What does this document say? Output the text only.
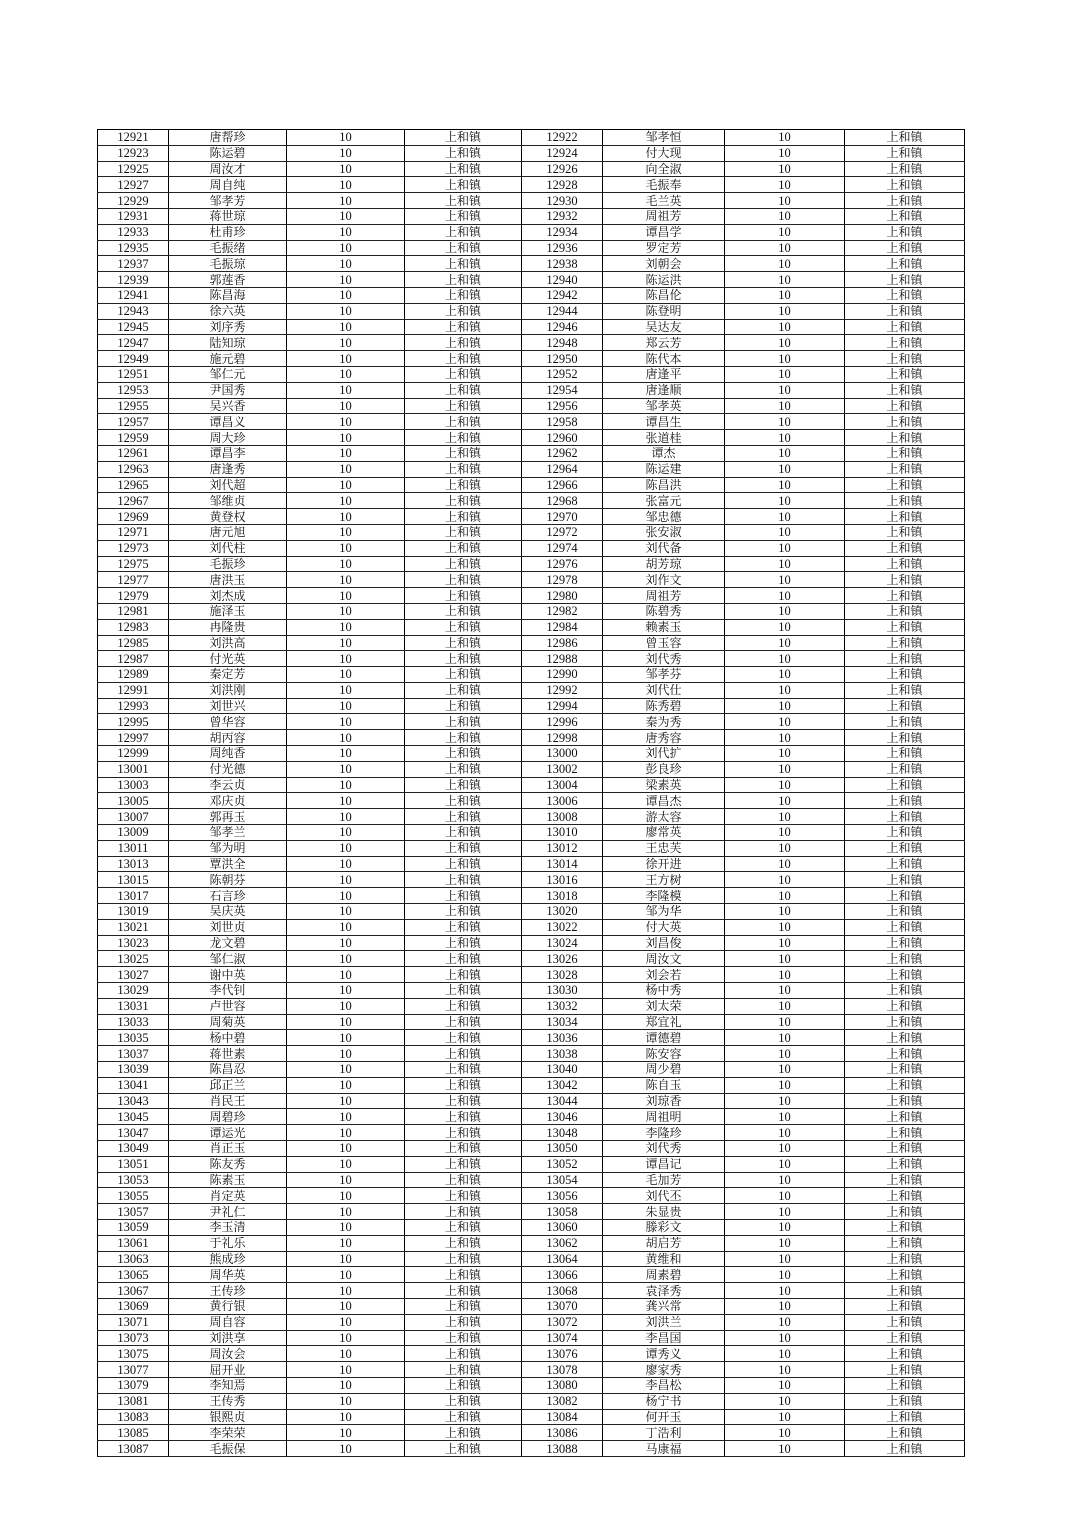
12921	唐帮珍	10	上和镇	12922	邹孝恒	10	上和镇
12923	陈运碧	10	上和镇	12924	付大现	10	上和镇
12925	周汝才	10	上和镇	12926	向全淑	10	上和镇
12927	周自纯	10	上和镇	12928	毛振奉	10	上和镇
12929	邹孝芳	10	上和镇	12930	毛兰英	10	上和镇
12931	蒋世琼	10	上和镇	12932	周祖芳	10	上和镇
12933	杜甫珍	10	上和镇	12934	谭昌学	10	上和镇
12935	毛振绪	10	上和镇	12936	罗定芳	10	上和镇
12937	毛振琼	10	上和镇	12938	刘朝会	10	上和镇
12939	郭莲香	10	上和镇	12940	陈运洪	10	上和镇
12941	陈昌海	10	上和镇	12942	陈昌伦	10	上和镇
12943	徐六英	10	上和镇	12944	陈登明	10	上和镇
12945	刘序秀	10	上和镇	12946	吴达友	10	上和镇
12947	陆知琼	10	上和镇	12948	郑云芳	10	上和镇
12949	施元碧	10	上和镇	12950	陈代本	10	上和镇
12951	邹仁元	10	上和镇	12952	唐逢平	10	上和镇
12953	尹国秀	10	上和镇	12954	唐逢顺	10	上和镇
12955	吴兴香	10	上和镇	12956	邹孝英	10	上和镇
12957	谭昌义	10	上和镇	12958	谭昌生	10	上和镇
12959	周大珍	10	上和镇	12960	张道桂	10	上和镇
12961	谭昌李	10	上和镇	12962	谭杰	10	上和镇
12963	唐逢秀	10	上和镇	12964	陈运建	10	上和镇
12965	刘代超	10	上和镇	12966	陈昌洪	10	上和镇
12967	邹维贞	10	上和镇	12968	张富元	10	上和镇
12969	黄登权	10	上和镇	12970	邹忠德	10	上和镇
12971	唐元旭	10	上和镇	12972	张安淑	10	上和镇
12973	刘代柱	10	上和镇	12974	刘代备	10	上和镇
12975	毛振珍	10	上和镇	12976	胡芳琼	10	上和镇
12977	唐洪玉	10	上和镇	12978	刘作文	10	上和镇
12979	刘杰成	10	上和镇	12980	周祖芳	10	上和镇
12981	施泽玉	10	上和镇	12982	陈碧秀	10	上和镇
12983	冉隆贵	10	上和镇	12984	赖素玉	10	上和镇
12985	刘洪高	10	上和镇	12986	曾玉容	10	上和镇
12987	付光英	10	上和镇	12988	刘代秀	10	上和镇
12989	秦定芳	10	上和镇	12990	邹孝芬	10	上和镇
12991	刘洪刚	10	上和镇	12992	刘代仕	10	上和镇
12993	刘世兴	10	上和镇	12994	陈秀碧	10	上和镇
12995	曾华容	10	上和镇	12996	秦为秀	10	上和镇
12997	胡丙容	10	上和镇	12998	唐秀容	10	上和镇
12999	周纯香	10	上和镇	13000	刘代扩	10	上和镇
13001	付光德	10	上和镇	13002	彭良珍	10	上和镇
13003	李云贞	10	上和镇	13004	梁素英	10	上和镇
13005	邓庆贞	10	上和镇	13006	谭昌杰	10	上和镇
13007	郭再玉	10	上和镇	13008	游太容	10	上和镇
13009	邹孝兰	10	上和镇	13010	廖常英	10	上和镇
13011	邹为明	10	上和镇	13012	王忠芙	10	上和镇
13013	覃洪全	10	上和镇	13014	徐开进	10	上和镇
13015	陈朝芬	10	上和镇	13016	王方树	10	上和镇
13017	石言珍	10	上和镇	13018	李隆模	10	上和镇
13019	吴庆英	10	上和镇	13020	邹为华	10	上和镇
13021	刘世贞	10	上和镇	13022	付大英	10	上和镇
13023	龙文碧	10	上和镇	13024	刘昌俊	10	上和镇
13025	邹仁淑	10	上和镇	13026	周汝文	10	上和镇
13027	谢中英	10	上和镇	13028	刘会若	10	上和镇
13029	李代钊	10	上和镇	13030	杨中秀	10	上和镇
13031	卢世容	10	上和镇	13032	刘太荣	10	上和镇
13033	周菊英	10	上和镇	13034	郑宜礼	10	上和镇
13035	杨中碧	10	上和镇	13036	谭德碧	10	上和镇
13037	蒋世素	10	上和镇	13038	陈安容	10	上和镇
13039	陈昌忍	10	上和镇	13040	周少碧	10	上和镇
13041	邱正兰	10	上和镇	13042	陈自玉	10	上和镇
13043	肖民王	10	上和镇	13044	刘琼香	10	上和镇
13045	周碧珍	10	上和镇	13046	周祖明	10	上和镇
13047	谭运光	10	上和镇	13048	李隆珍	10	上和镇
13049	肖正玉	10	上和镇	13050	刘代秀	10	上和镇
13051	陈友秀	10	上和镇	13052	谭昌记	10	上和镇
13053	陈素玉	10	上和镇	13054	毛加芳	10	上和镇
13055	肖定英	10	上和镇	13056	刘代丕	10	上和镇
13057	尹礼仁	10	上和镇	13058	朱显贵	10	上和镇
13059	李玉清	10	上和镇	13060	滕彩文	10	上和镇
13061	于礼乐	10	上和镇	13062	胡启芳	10	上和镇
13063	熊成珍	10	上和镇	13064	黄维和	10	上和镇
13065	周华英	10	上和镇	13066	周素碧	10	上和镇
13067	王传珍	10	上和镇	13068	袁泽秀	10	上和镇
13069	黄行银	10	上和镇	13070	龚兴常	10	上和镇
13071	周自容	10	上和镇	13072	刘洪兰	10	上和镇
13073	刘洪享	10	上和镇	13074	李昌国	10	上和镇
13075	周汝会	10	上和镇	13076	谭秀义	10	上和镇
13077	屈开业	10	上和镇	13078	廖家秀	10	上和镇
13079	李知焉	10	上和镇	13080	李昌松	10	上和镇
13081	王传秀	10	上和镇	13082	杨宁书	10	上和镇
13083	银熙贞	10	上和镇	13084	何开玉	10	上和镇
13085	李荣荣	10	上和镇	13086	丁浩利	10	上和镇
13087	毛振保	10	上和镇	13088	马康福	10	上和镇
